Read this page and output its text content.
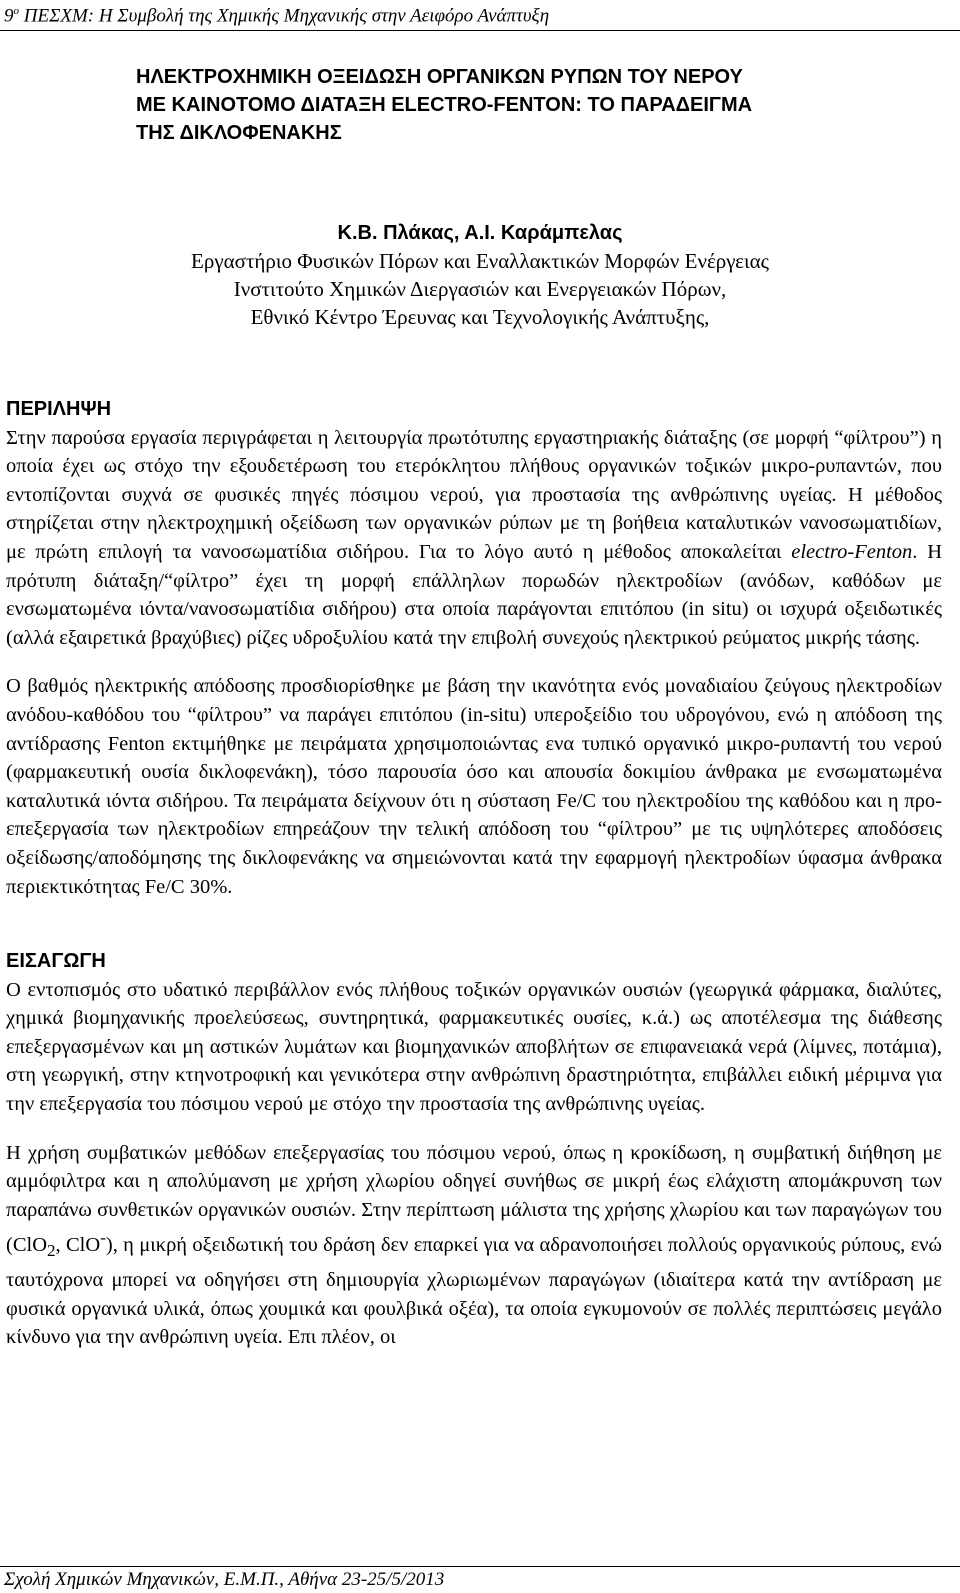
$9^o$ ΠΕΣΧΜ: Η Συμβολή της Χημικής Μηχανικής στην Αειφόρο Ανάπτυξη
ΗΛΕΚΤΡΟΧΗΜΙΚΗ ΟΞΕΙΔΩΣΗ ΟΡΓΑΝΙΚΩΝ ΡΥΠΩΝ ΤΟΥ ΝΕΡΟΥ
ΜΕ ΚΑΙΝΟΤΟΜΟ ΔΙΑΤΑΞΗ ELECTRO-FENTON: ΤΟ ΠΑΡΑΔΕΙΓΜΑ
ΤΗΣ ΔΙΚΛΟΦΕΝΑΚΗΣ
Κ.Β. Πλάκας, Α.Ι. Καράμπελας
Εργαστήριο Φυσικών Πόρων και Εναλλακτικών Μορφών Ενέργειας
Ινστιτούτο Χημικών Διεργασιών και Ενεργειακών Πόρων,
Εθνικό Κέντρο Έρευνας και Τεχνολογικής Ανάπτυξης,
ΠΕΡΙΛΗΨΗ

Στην παρούσα εργασία περιγράφεται η λειτουργία πρωτότυπης εργαστηριακής διάταξης (σε μορφή “φίλτρου”) η οποία έχει ως στόχο την εξουδετέρωση του ετερόκλητου πλήθους οργανικών τοξικών μικρο-ρυπαντών, που εντοπίζονται συχνά σε φυσικές πηγές πόσιμου νερού, για προστασία της ανθρώπινης υγείας. Η μέθοδος στηρίζεται στην ηλεκτροχημική οξείδωση των οργανικών ρύπων με τη βοήθεια καταλυτικών νανοσωματιδίων, με πρώτη επιλογή τα νανοσωματίδια σιδήρου. Για το λόγο αυτό η μέθοδος αποκαλείται electro-Fenton. Η πρότυπη διάταξη/“φίλτρο” έχει τη μορφή επάλληλων πορωδών ηλεκτροδίων (ανόδων, καθόδων με ενσωματωμένα ιόντα/νανοσωματίδια σιδήρου) στα οποία παράγονται επιτόπου (in situ) οι ισχυρά οξειδωτικές (αλλά εξαιρετικά βραχύβιες) ρίζες υδροξυλίου κατά την επιβολή συνεχούς ηλεκτρικού ρεύματος μικρής τάσης.

Ο βαθμός ηλεκτρικής απόδοσης προσδιορίσθηκε με βάση την ικανότητα ενός μοναδιαίου ζεύγους ηλεκτροδίων ανόδου-καθόδου του “φίλτρου” να παράγει επιτόπου (in-situ) υπεροξείδιο του υδρογόνου, ενώ η απόδοση της αντίδρασης Fenton εκτιμήθηκε με πειράματα χρησιμοποιώντας ενα τυπικό οργανικό μικρο-ρυπαντή του νερού (φαρμακευτική ουσία δικλοφενάκη), τόσο παρουσία όσο και απουσία δοκιμίου άνθρακα με ενσωματωμένα καταλυτικά ιόντα σιδήρου. Τα πειράματα δείχνουν ότι η σύσταση Fe/C του ηλεκτροδίου της καθόδου και η προ-επεξεργασία των ηλεκτροδίων επηρεάζουν την τελική απόδοση του “φίλτρου” με τις υψηλότερες αποδόσεις οξείδωσης/αποδόμησης της δικλοφενάκης να σημειώνονται κατά την εφαρμογή ηλεκτροδίων ύφασμα άνθρακα περιεκτικότητας Fe/C 30%.

ΕΙΣΑΓΩΓΗ

Ο εντοπισμός στο υδατικό περιβάλλον ενός πλήθους τοξικών οργανικών ουσιών (γεωργικά φάρμακα, διαλύτες, χημικά βιομηχανικής προελεύσεως, συντηρητικά, φαρμακευτικές ουσίες, κ.ά.) ως αποτέλεσμα της διάθεσης επεξεργασμένων και μη αστικών λυμάτων και βιομηχανικών αποβλήτων σε επιφανειακά νερά (λίμνες, ποτάμια), στη γεωργική, στην κτηνοτροφική και γενικότερα στην ανθρώπινη δραστηριότητα, επιβάλλει ειδική μέριμνα για την επεξεργασία του πόσιμου νερού με στόχο την προστασία της ανθρώπινης υγείας.

Η χρήση συμβατικών μεθόδων επεξεργασίας του πόσιμου νερού, όπως η κροκίδωση, η συμβατική διήθηση με αμμόφιλτρα και η απολύμανση με χρήση χλωρίου οδηγεί συνήθως σε μικρή έως ελάχιστη απομάκρυνση των παραπάνω συνθετικών οργανικών ουσιών. Στην περίπτωση μάλιστα της χρήσης χλωρίου και των παραγώγων του (ClO$_2$, ClO-), η μικρή οξειδωτική του δράση δεν επαρκεί για να αδρανοποιήσει πολλούς οργανικούς ρύπους, ενώ ταυτόχρονα μπορεί να οδηγήσει στη δημιουργία χλωριωμένων παραγώγων (ιδιαίτερα κατά την αντίδραση με φυσικά οργανικά υλικά, όπως χουμικά και φουλβικά οξέα), τα οποία εγκυμονούν σε πολλές περιπτώσεις μεγάλο κίνδυνο για την ανθρώπινη υγεία. Επι πλέον, οι

Σχολή Χημικών Μηχανικών, Ε.Μ.Π., Αθήνα 23-25/5/2013
